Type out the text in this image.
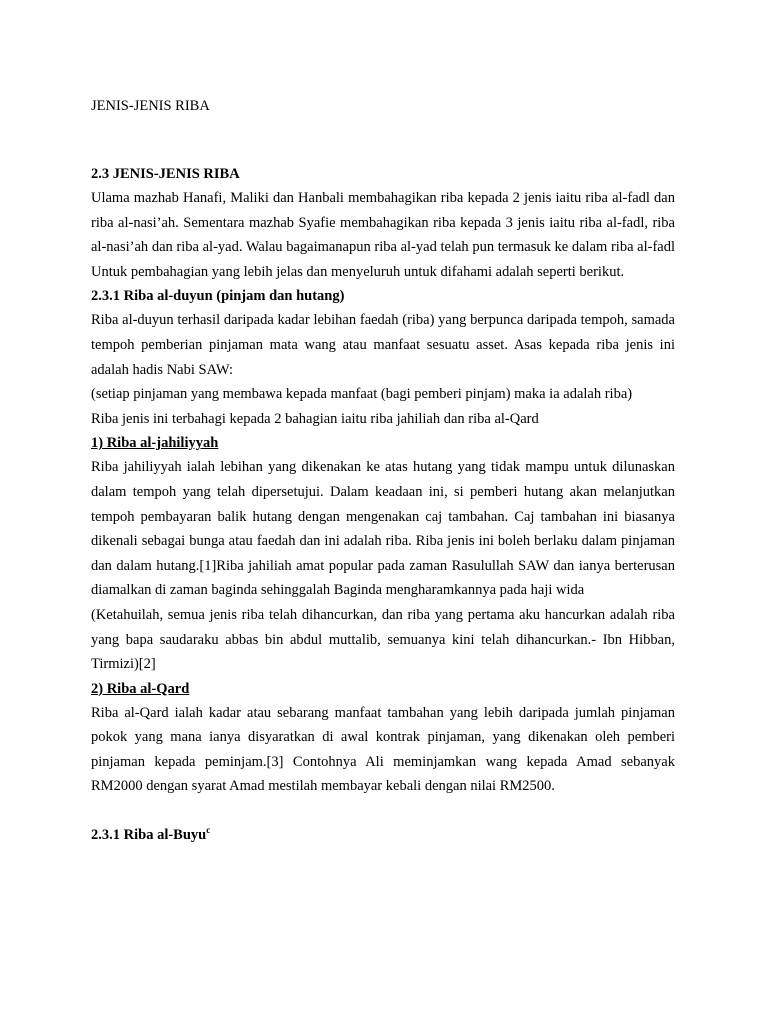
JENIS-JENIS RIBA

2.3 JENIS-JENIS RIBA

Ulama mazhab Hanafi, Maliki dan Hanbali membahagikan riba kepada 2 jenis iaitu riba al-fadl dan riba al-nasi’ah. Sementara mazhab Syafie membahagikan riba kepada 3 jenis iaitu riba al-fadl, riba al-nasi’ah dan riba al-yad. Walau bagaimanapun riba al-yad telah pun termasuk ke dalam riba al-fadl Untuk pembahagian yang lebih jelas dan menyeluruh untuk difahami adalah seperti berikut.

2.3.1 Riba al-duyun (pinjam dan hutang)

Riba al-duyun terhasil daripada kadar lebihan faedah (riba) yang berpunca daripada tempoh, samada tempoh pemberian pinjaman mata wang atau manfaat sesuatu asset. Asas kepada riba jenis ini adalah hadis Nabi SAW:

(setiap pinjaman yang membawa kepada manfaat (bagi pemberi pinjam) maka ia adalah riba)

Riba jenis ini terbahagi kepada 2 bahagian iaitu riba jahiliah dan riba al-Qard

1) Riba al-jahiliyyah

Riba jahiliyyah ialah lebihan yang dikenakan ke atas hutang yang tidak mampu untuk dilunaskan dalam tempoh yang telah dipersetujui. Dalam keadaan ini, si pemberi hutang akan melanjutkan tempoh pembayaran balik hutang dengan mengenakan caj tambahan. Caj tambahan ini biasanya dikenali sebagai bunga atau faedah dan ini adalah riba. Riba jenis ini boleh berlaku dalam pinjaman dan dalam hutang.[1]Riba jahiliah amat popular pada zaman Rasulullah SAW dan ianya berterusan diamalkan di zaman baginda sehinggalah Baginda mengharamkannya pada haji wida

(Ketahuilah, semua jenis riba telah dihancurkan, dan riba yang pertama aku hancurkan adalah riba yang bapa saudaraku abbas bin abdul muttalib, semuanya kini telah dihancurkan.- Ibn Hibban, Tirmizi)[2]

2) Riba al-Qard

Riba al-Qard ialah kadar atau sebarang manfaat tambahan yang lebih daripada jumlah pinjaman pokok yang mana ianya disyaratkan di awal kontrak pinjaman, yang dikenakan oleh pemberi pinjaman kepada peminjam.[3] Contohnya Ali meminjamkan wang kepada Amad sebanyak RM2000 dengan syarat Amad mestilah membayar kebali dengan nilai RM2500.

2.3.1 Riba al-Buyu$^c$
